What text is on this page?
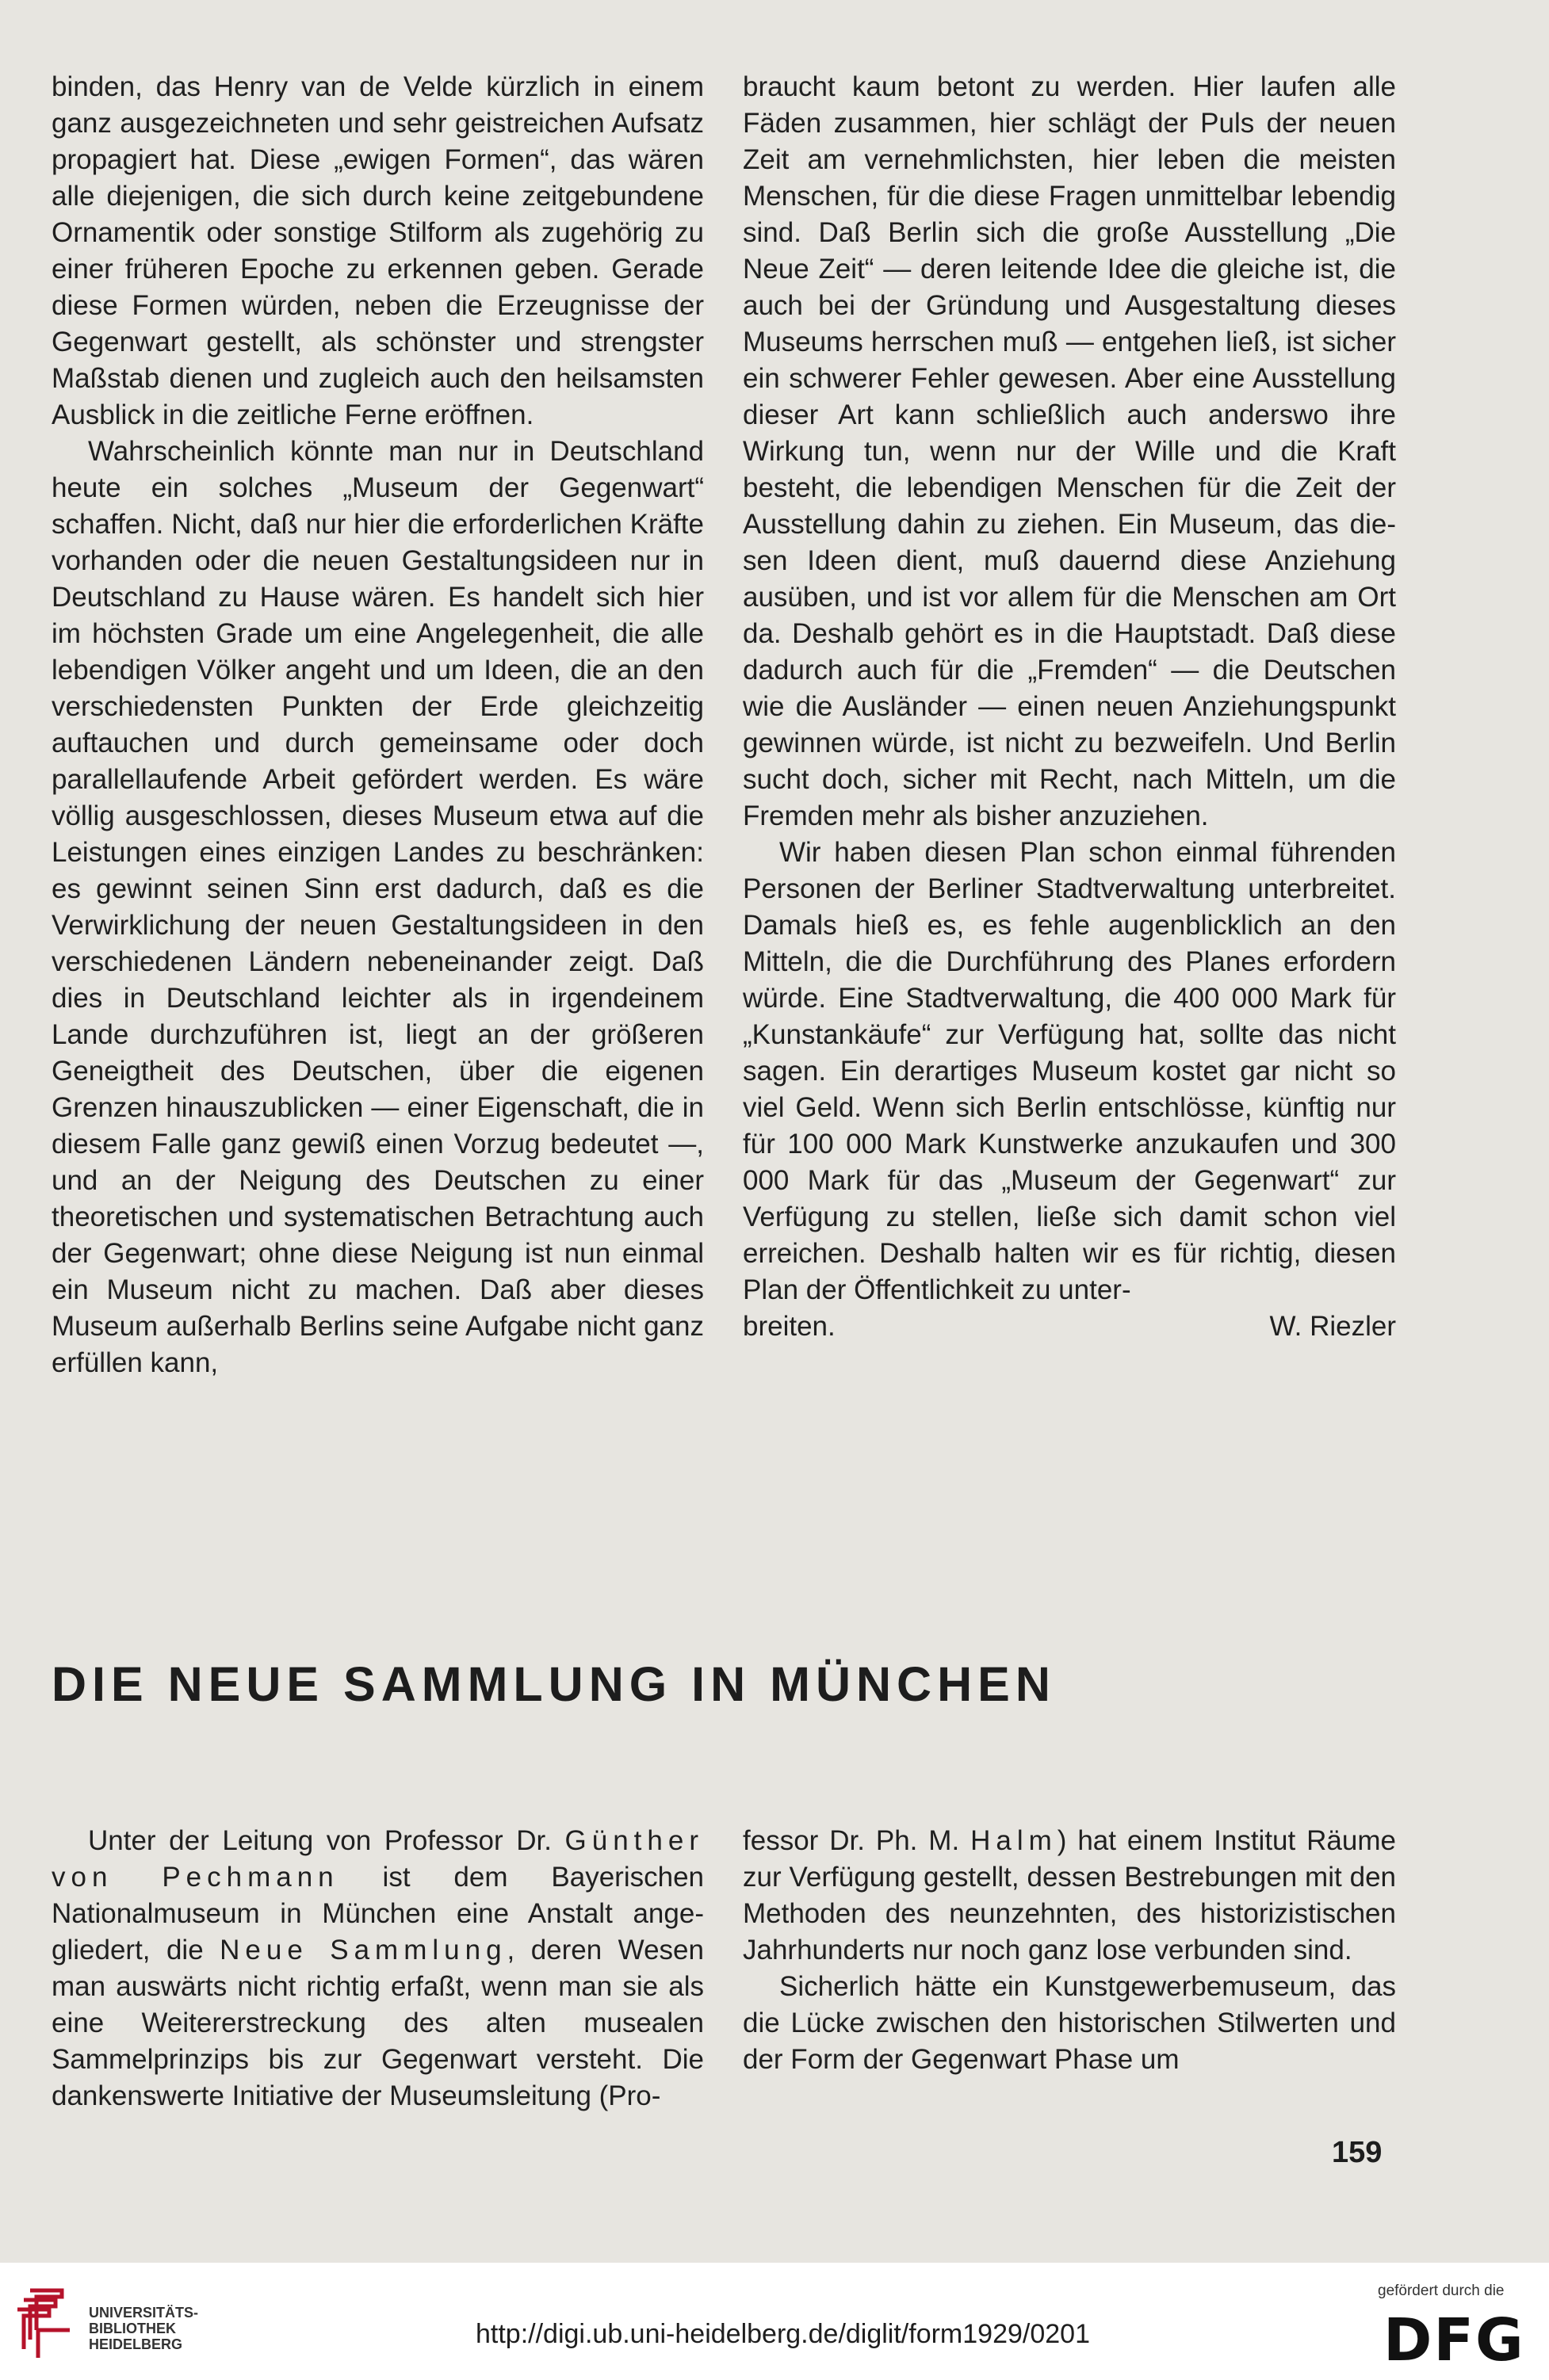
binden, das Henry van de Velde kürzlich in einem ganz ausgezeichneten und sehr geistreichen Aufsatz propagiert hat. Diese „ewigen Formen“, das wären alle diejenigen, die sich durch keine zeitgebundene Ornamentik oder sonstige Stilform als zugehörig zu einer früheren Epoche zu erkennen geben. Gerade diese Formen würden, neben die Erzeugnisse der Gegenwart gestellt, als schönster und strengster Maßstab dienen und zugleich auch den heilsamsten Ausblick in die zeitliche Ferne eröffnen.

Wahrscheinlich könnte man nur in Deutschland heute ein solches „Museum der Gegenwart“ schaffen. Nicht, daß nur hier die erforderlichen Kräfte vorhanden oder die neuen Gestaltungsideen nur in Deutschland zu Hause wären. Es handelt sich hier im höchsten Grade um eine Angelegenheit, die alle lebendigen Völker angeht und um Ideen, die an den verschiedensten Punkten der Erde gleichzeitig auftauchen und durch gemeinsame oder doch parallellaufende Arbeit gefördert werden. Es wäre völlig ausgeschlossen, dieses Museum etwa auf die Leistungen eines einzigen Landes zu beschränken: es gewinnt seinen Sinn erst dadurch, daß es die Verwirklichung der neuen Gestaltungsideen in den verschiedenen Ländern nebeneinander zeigt. Daß dies in Deutschland leichter als in irgendeinem Lande durchzuführen ist, liegt an der größeren Geneigtheit des Deutschen, über die eigenen Grenzen hinauszublicken — einer Eigenschaft, die in diesem Falle ganz gewiß einen Vorzug bedeutet —, und an der Neigung des Deutschen zu einer theoretischen und systematischen Betrachtung auch der Gegenwart; ohne diese Neigung ist nun einmal ein Museum nicht zu machen. Daß aber dieses Museum außerhalb Berlins seine Aufgabe nicht ganz erfüllen kann,

braucht kaum betont zu werden. Hier laufen alle Fäden zusammen, hier schlägt der Puls der neuen Zeit am vernehmlichsten, hier leben die meisten Menschen, für die diese Fragen unmittelbar lebendig sind. Daß Berlin sich die große Ausstellung „Die Neue Zeit“ — deren leitende Idee die gleiche ist, die auch bei der Gründung und Ausgestaltung dieses Museums herrschen muß — entgehen ließ, ist sicher ein schwerer Fehler gewesen. Aber eine Ausstellung dieser Art kann schließlich auch anderswo ihre Wirkung tun, wenn nur der Wille und die Kraft besteht, die lebendigen Menschen für die Zeit der Ausstellung dahin zu ziehen. Ein Museum, das diesen Ideen dient, muß dauernd diese Anziehung ausüben, und ist vor allem für die Menschen am Ort da. Deshalb gehört es in die Hauptstadt. Daß diese dadurch auch für die „Fremden“ — die Deutschen wie die Ausländer — einen neuen Anziehungspunkt gewinnen würde, ist nicht zu bezweifeln. Und Berlin sucht doch, sicher mit Recht, nach Mitteln, um die Fremden mehr als bisher anzuziehen.

Wir haben diesen Plan schon einmal führenden Personen der Berliner Stadtverwaltung unterbreitet. Damals hieß es, es fehle augenblicklich an den Mitteln, die die Durchführung des Planes erfordern würde. Eine Stadtverwaltung, die 400 000 Mark für „Kunstankäufe“ zur Verfügung hat, sollte das nicht sagen. Ein derartiges Museum kostet gar nicht so viel Geld. Wenn sich Berlin entschlösse, künftig nur für 100 000 Mark Kunstwerke anzukaufen und 300 000 Mark für das „Museum der Gegenwart“ zur Verfügung zu stellen, ließe sich damit schon viel erreichen. Deshalb halten wir es für richtig, diesen Plan der Öffentlichkeit zu unter-

breiten.	W. Riezler
DIE NEUE SAMMLUNG IN MÜNCHEN

Unter der Leitung von Professor Dr. Günther von Pechmann ist dem Bayerischen Nationalmuseum in München eine Anstalt angegliedert, die Neue Sammlung, deren Wesen man auswärts nicht richtig erfaßt, wenn man sie als eine Weitererstreckung des alten musealen Sammelprinzips bis zur Gegenwart versteht. Die dankenswerte Initiative der Museumsleitung (Pro-

fessor Dr. Ph. M. Halm) hat einem Institut Räume zur Verfügung gestellt, dessen Bestrebungen mit den Methoden des neunzehnten, des historizistischen Jahrhunderts nur noch ganz lose verbunden sind.

Sicherlich hätte ein Kunstgewerbemuseum, das die Lücke zwischen den historischen Stilwerten und der Form der Gegenwart Phase um

159
UNIVERSITÄTS-
BIBLIOTHEK
HEIDELBERG	http://digi.ub.uni-heidelberg.de/diglit/form1929/0201
gefördert durch die
DFG
